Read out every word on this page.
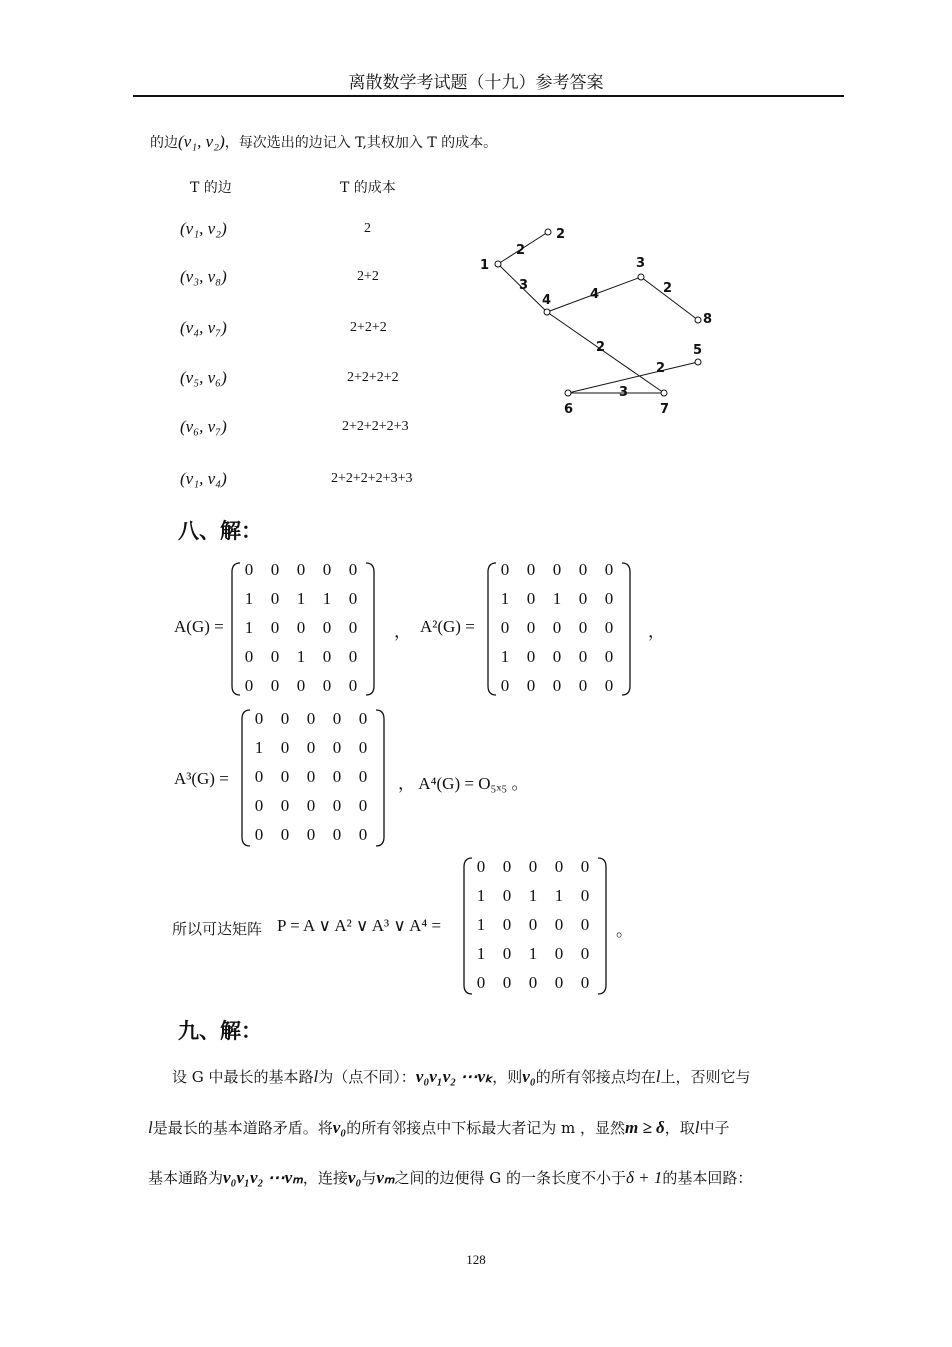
离散数学考试题（十九）参考答案
的边(v₁, v₂)，每次选出的边记入 T,其权加入 T 的成本。
T 的边	T 的成本
(v₁, v₂)	2
(v₃, v₈)	2+2
(v₄, v₇)	2+2+2
(v₅, v₆)	2+2+2+2
(v₆, v₇)	2+2+2+2+3
(v₁, v₄)	2+2+2+2+3+3
1
2
3
4
5
6	7
8
2
3
4	2
2
2
3
八、解：
A(G) =
0	0	0	0	0
1	0	1	1	0
1	0	0	0	0
0	0	1	0	0
0	0	0	0	0
， A²(G) =
0	0	0	0	0
1	0	1	0	0
0	0	0	0	0
1	0	0	0	0
0	0	0	0	0
，
A³(G) =
0	0	0	0	0
1	0	0	0	0
0	0	0	0	0
0	0	0	0	0
0	0	0	0	0
， A⁴(G) = O₅ₓ₅ 。
所以可达矩阵 P = A ∨ A² ∨ A³ ∨ A⁴ =
0	0	0	0	0
1	0	1	1	0
1	0	0	0	0
1	0	1	0	0
0	0	0	0	0
。
九、解：
设 G 中最长的基本路l为（点不同）：v₀v₁v₂ ⋯vₖ，则v₀的所有邻接点均在l上，否则它与
l是最长的基本道路矛盾。将v₀的所有邻接点中下标最大者记为 m ，显然m ≥ δ，取l中子
基本通路为v₀v₁v₂ ⋯vₘ，连接v₀与vₘ之间的边便得 G 的一条长度不小于δ + 1的基本回路：
128
